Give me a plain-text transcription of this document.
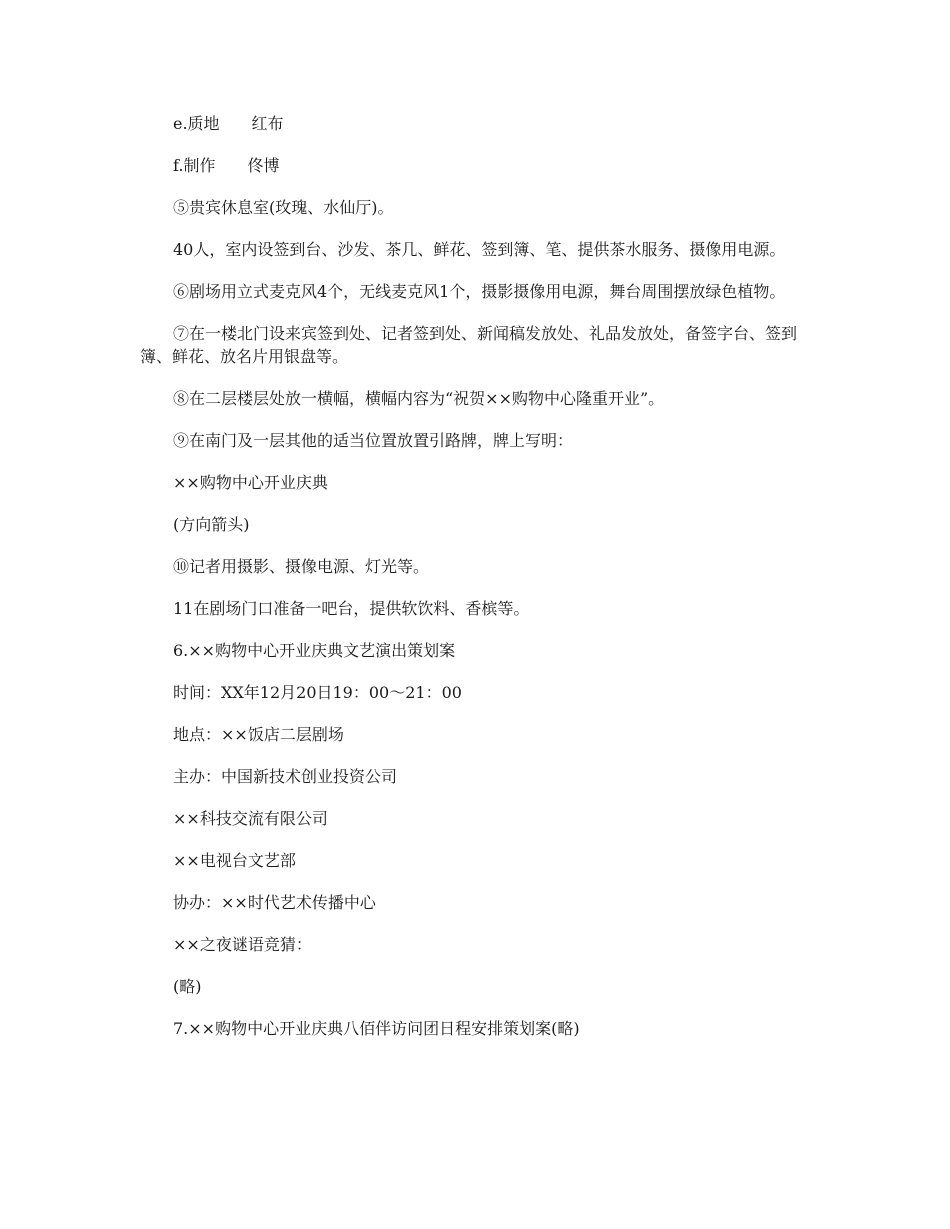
e.质地　　红布

f.制作　　佟博

⑤贵宾休息室(玫瑰、水仙厅)。

40人，室内设签到台、沙发、茶几、鲜花、签到簿、笔、提供茶水服务、摄像用电源。

⑥剧场用立式麦克风4个，无线麦克风1个，摄影摄像用电源，舞台周围摆放绿色植物。

⑦在一楼北门设来宾签到处、记者签到处、新闻稿发放处、礼品发放处，备签字台、签到簿、鲜花、放名片用银盘等。

⑧在二层楼层处放一横幅，横幅内容为“祝贺××购物中心隆重开业”。

⑨在南门及一层其他的适当位置放置引路牌，牌上写明：

××购物中心开业庆典

(方向箭头)

⑩记者用摄影、摄像电源、灯光等。

11在剧场门口准备一吧台，提供软饮料、香槟等。

6.××购物中心开业庆典文艺演出策划案

时间：XX年12月20日19：00～21：00

地点：××饭店二层剧场

主办：中国新技术创业投资公司

××科技交流有限公司

××电视台文艺部

协办：××时代艺术传播中心

××之夜谜语竞猜：

(略)

7.××购物中心开业庆典八佰伴访问团日程安排策划案(略)
